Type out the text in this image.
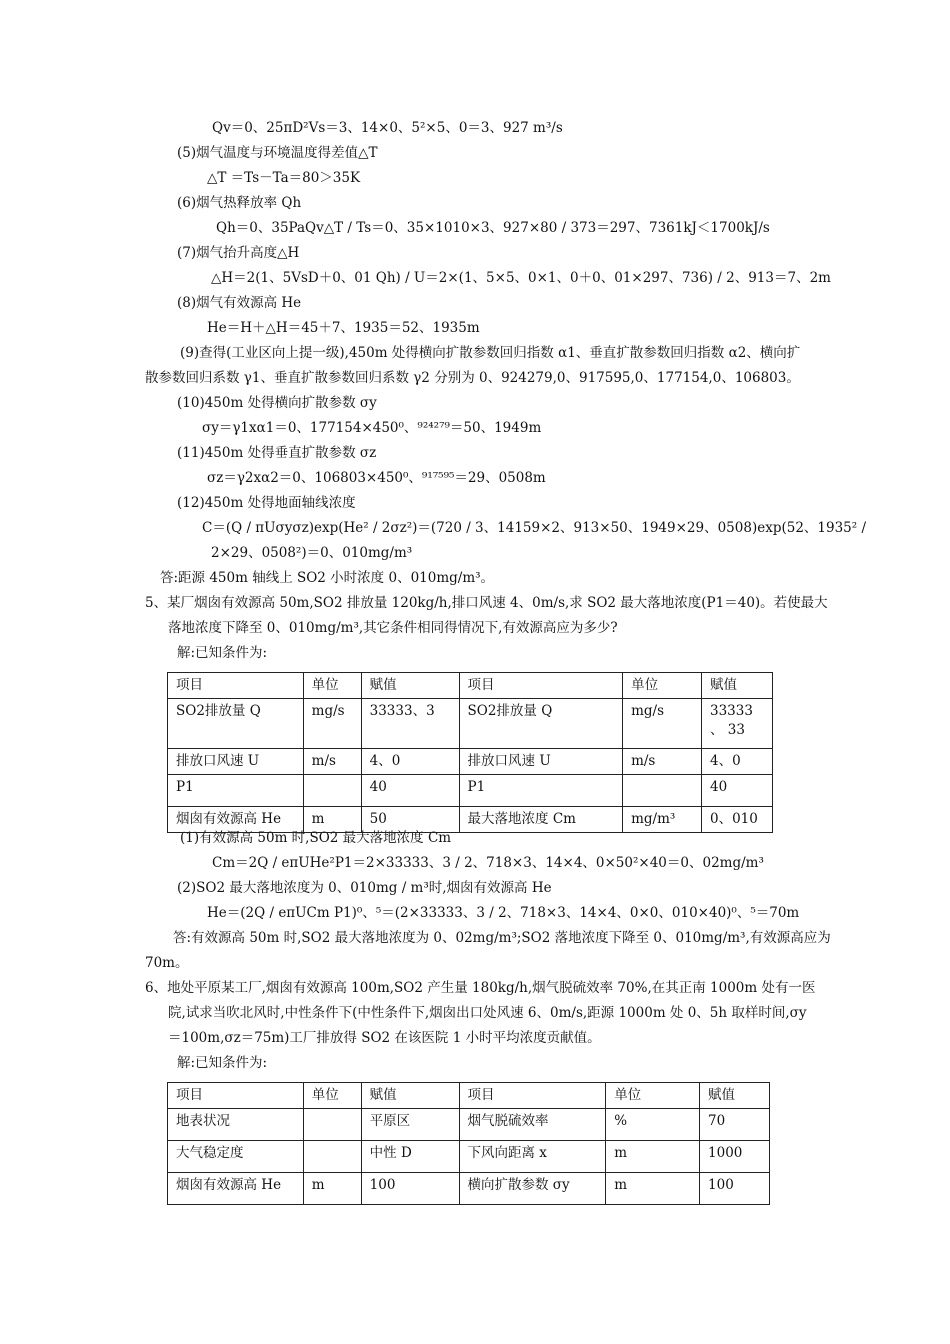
Qv＝0、25πD²Vs＝3、14×0、5²×5、0＝3、927 m³/s
(5)烟气温度与环境温度得差值△T
△T ＝Ts－Ta＝80＞35K
(6)烟气热释放率 Qh
Qh＝0、35PaQv△T / Ts＝0、35×1010×3、927×80 / 373＝297、7361kJ＜1700kJ/s
(7)烟气抬升高度△H
△H＝2(1、5VsD＋0、01 Qh) / U＝2×(1、5×5、0×1、0＋0、01×297、736) / 2、913＝7、2m
(8)烟气有效源高 He
He＝H＋△H＝45＋7、1935＝52、1935m
(9)查得(工业区向上提一级),450m 处得横向扩散参数回归指数 α1、垂直扩散参数回归指数 α2、横向扩
散参数回归系数 γ1、垂直扩散参数回归系数 γ2 分别为 0、924279,0、917595,0、177154,0、106803。
(10)450m 处得横向扩散参数 σy
σy＝γ1xα1＝0、177154×450⁰、⁹²⁴²⁷⁹＝50、1949m
(11)450m 处得垂直扩散参数 σz
σz＝γ2xα2＝0、106803×450⁰、⁹¹⁷⁵⁹⁵＝29、0508m
(12)450m 处得地面轴线浓度
C＝(Q / πUσyσz)exp(He² / 2σz²)＝(720 / 3、14159×2、913×50、1949×29、0508)exp(52、1935² /
2×29、0508²)＝0、010mg/m³
答:距源 450m 轴线上 SO2 小时浓度 0、010mg/m³。
5、某厂烟囱有效源高 50m,SO2 排放量 120kg/h,排口风速 4、0m/s,求 SO2 最大落地浓度(P1＝40)。若使最大
落地浓度下降至 0、010mg/m³,其它条件相同得情况下,有效源高应为多少?
解:已知条件为:
(1)有效源高 50m 时,SO2 最大落地浓度 Cm
Cm＝2Q / eπUHe²P1＝2×33333、3 / 2、718×3、14×4、0×50²×40＝0、02mg/m³
(2)SO2 最大落地浓度为 0、010mg / m³时,烟囱有效源高 He
He＝(2Q / eπUCm P1)⁰、⁵＝(2×33333、3 / 2、718×3、14×4、0×0、010×40)⁰、⁵＝70m
答:有效源高 50m 时,SO2 最大落地浓度为 0、02mg/m³;SO2 落地浓度下降至 0、010mg/m³,有效源高应为
70m。
6、地处平原某工厂,烟囱有效源高 100m,SO2 产生量 180kg/h,烟气脱硫效率 70%,在其正南 1000m 处有一医
院,试求当吹北风时,中性条件下(中性条件下,烟囱出口处风速 6、0m/s,距源 1000m 处 0、5h 取样时间,σy
＝100m,σz＝75m)工厂排放得 SO2 在该医院 1 小时平均浓度贡献值。
解:已知条件为:
项目	单位	赋值	项目	单位	赋值
SO2排放量 Q	mg/s	33333、3	SO2排放量 Q	mg/s	33333 、 33
排放口风速 U	m/s	4、0	排放口风速 U	m/s	4、0
P1		40	P1		40
烟囱有效源高 He	m	50	最大落地浓度 Cm	mg/m³	0、010
项目	单位	赋值	项目	单位	赋值
地表状况		平原区	烟气脱硫效率	%	70
大气稳定度		中性 D	下风向距离 x	m	1000
烟囱有效源高 He	m	100	横向扩散参数 σy	m	100
